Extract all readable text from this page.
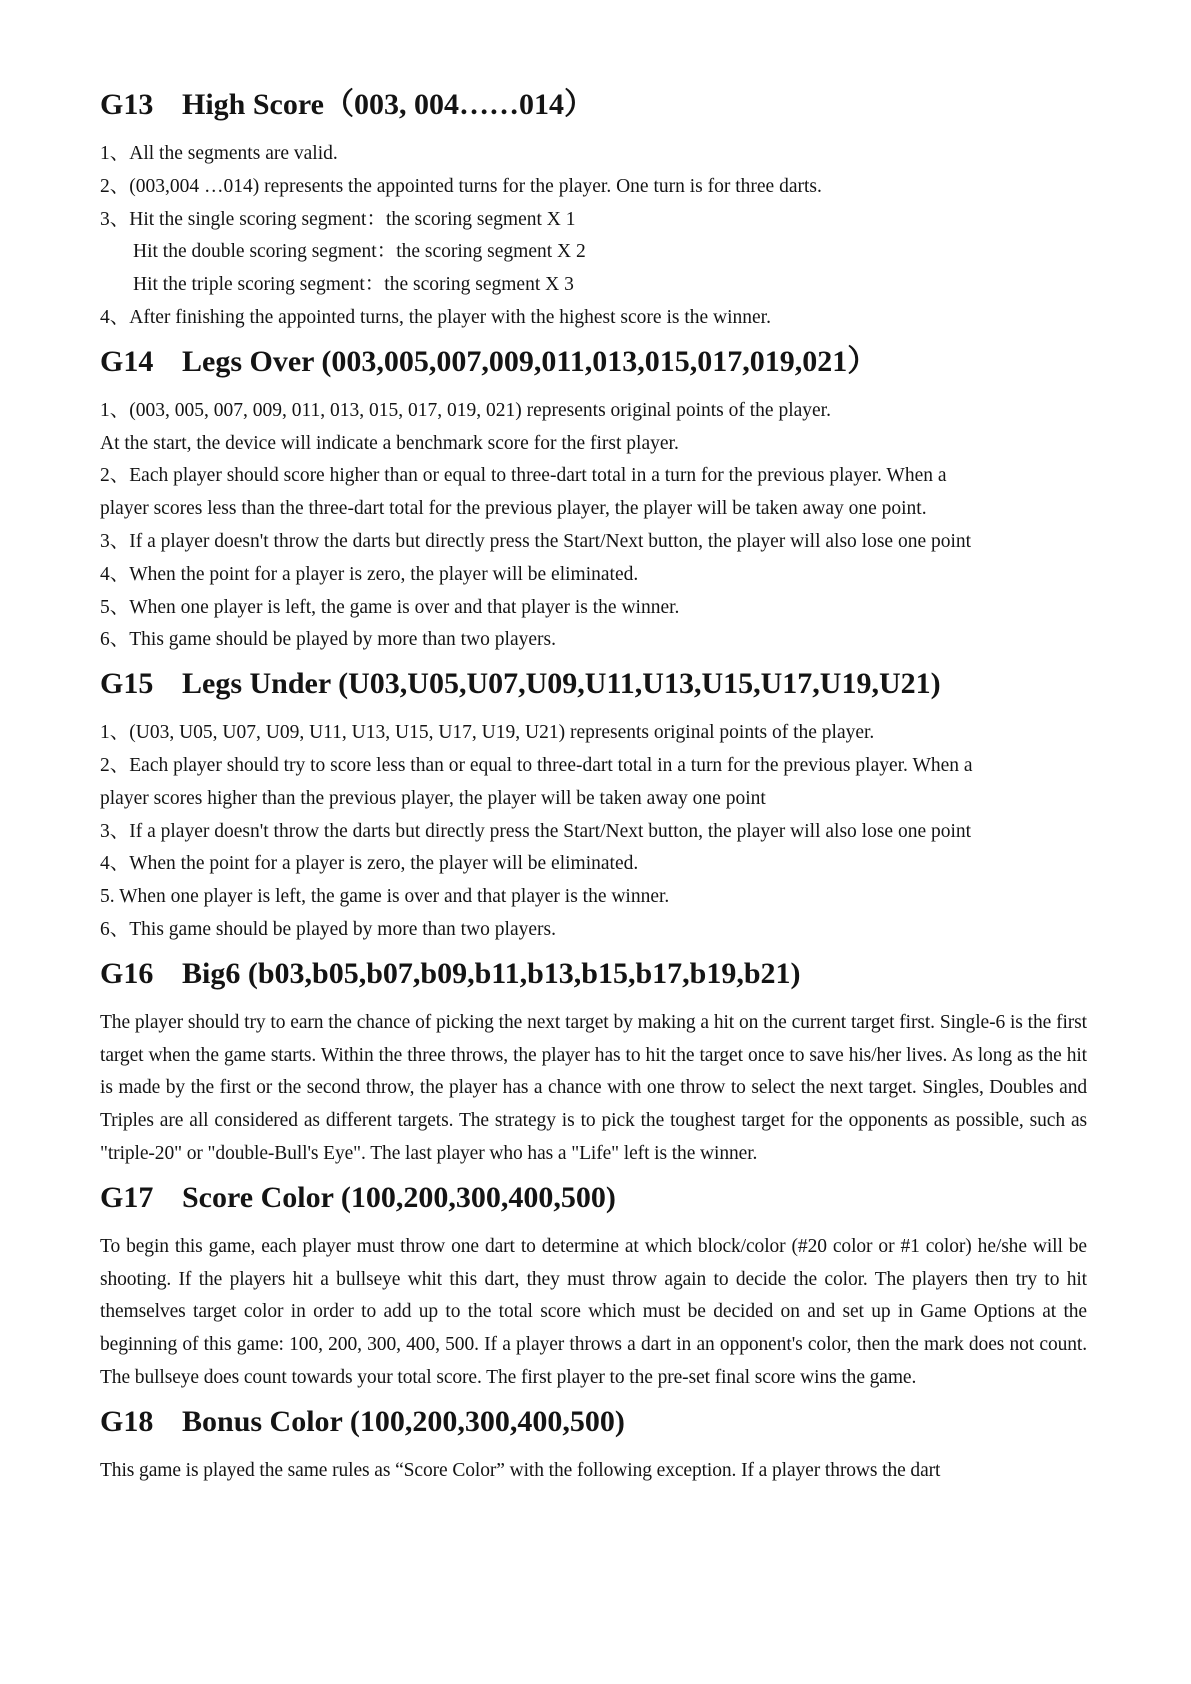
G13 High Score（003, 004……014）

1、All the segments are valid.

2、(003,004 …014) represents the appointed turns for the player. One turn is for three darts.

3、Hit the single scoring segment：the scoring segment X 1

Hit the double scoring segment：the scoring segment X 2

Hit the triple scoring segment：the scoring segment X 3

4、After finishing the appointed turns, the player with the highest score is the winner.

G14 Legs Over (003,005,007,009,011,013,015,017,019,021）

1、(003, 005, 007, 009, 011, 013, 015, 017, 019, 021) represents original points of the player.

At the start, the device will indicate a benchmark score for the first player.

2、Each player should score higher than or equal to three-dart total in a turn for the previous player. When a

player scores less than the three-dart total for the previous player, the player will be taken away one point.

3、If a player doesn't throw the darts but directly press the Start/Next button, the player will also lose one point

4、When the point for a player is zero, the player will be eliminated.

5、When one player is left, the game is over and that player is the winner.

6、This game should be played by more than two players.

G15 Legs Under (U03,U05,U07,U09,U11,U13,U15,U17,U19,U21)

1、(U03, U05, U07, U09, U11, U13, U15, U17, U19, U21) represents original points of the player.

2、Each player should try to score less than or equal to three-dart total in a turn for the previous player. When a

player scores higher than the previous player, the player will be taken away one point

3、If a player doesn't throw the darts but directly press the Start/Next button, the player will also lose one point

4、When the point for a player is zero, the player will be eliminated.

5. When one player is left, the game is over and that player is the winner.

6、This game should be played by more than two players.

G16 Big6 (b03,b05,b07,b09,b11,b13,b15,b17,b19,b21)

The player should try to earn the chance of picking the next target by making a hit on the current target first. Single-6 is the first target when the game starts. Within the three throws, the player has to hit the target once to save his/her lives. As long as the hit is made by the first or the second throw, the player has a chance with one throw to select the next target. Singles, Doubles and Triples are all considered as different targets. The strategy is to pick the toughest target for the opponents as possible, such as "triple-20" or "double-Bull's Eye". The last player who has a "Life" left is the winner.

G17 Score Color (100,200,300,400,500)

To begin this game, each player must throw one dart to determine at which block/color (#20 color or #1 color) he/she will be shooting. If the players hit a bullseye whit this dart, they must throw again to decide the color. The players then try to hit themselves target color in order to add up to the total score which must be decided on and set up in Game Options at the beginning of this game: 100, 200, 300, 400, 500. If a player throws a dart in an opponent's color, then the mark does not count. The bullseye does count towards your total score. The first player to the pre-set final score wins the game.

G18 Bonus Color (100,200,300,400,500)

This game is played the same rules as “Score Color” with the following exception. If a player throws the dart
